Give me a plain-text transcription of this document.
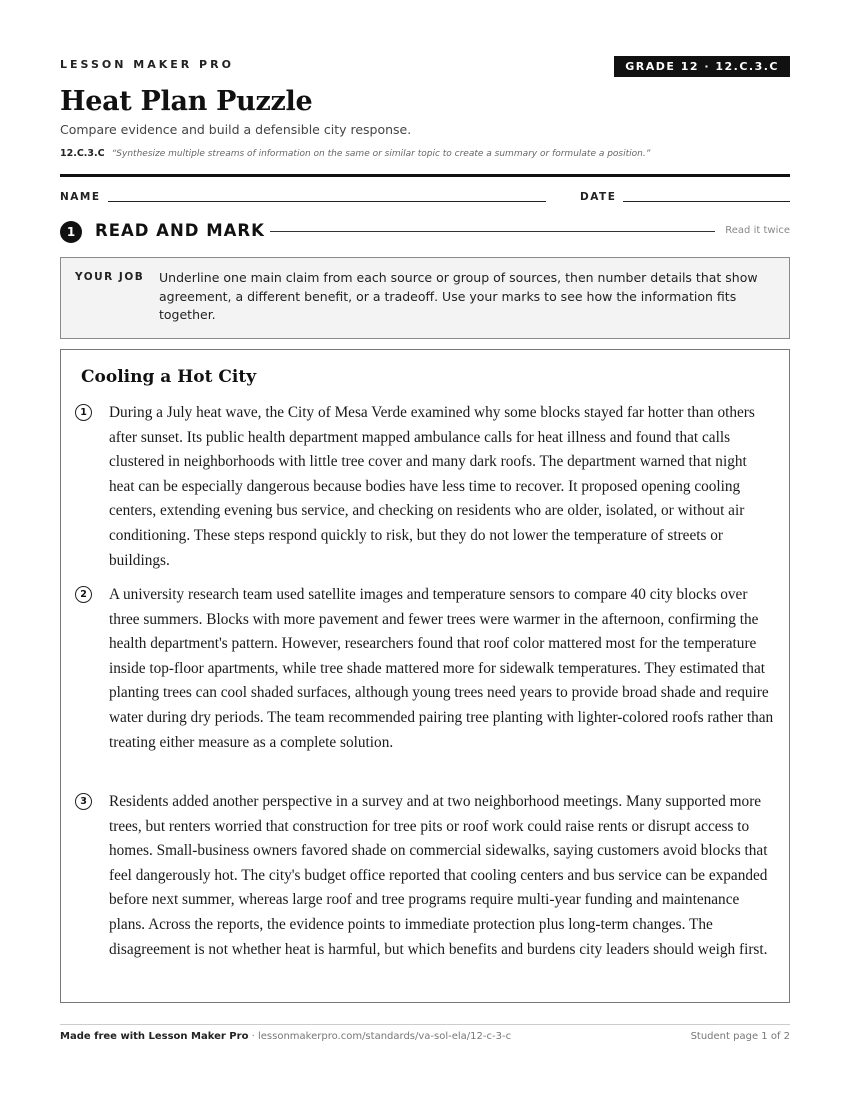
LESSON MAKER PRO	GRADE 12 · 12.C.3.C
Heat Plan Puzzle
Compare evidence and build a defensible city response.
12.C.3.C “Synthesize multiple streams of information on the same or similar topic to create a summary or formulate a position.”
NAME	DATE
1	READ AND MARK	Read it twice
YOUR JOB Underline one main claim from each source or group of sources, then number details that show agreement, a different benefit, or a tradeoff. Use your marks to see how the information fits together.
Cooling a Hot City
1	During a July heat wave, the City of Mesa Verde examined why some blocks stayed far hotter than others after sunset. Its public health department mapped ambulance calls for heat illness and found that calls clustered in neighborhoods with little tree cover and many dark roofs. The department warned that night heat can be especially dangerous because bodies have less time to recover. It proposed opening cooling centers, extending evening bus service, and checking on residents who are older, isolated, or without air conditioning. These steps respond quickly to risk, but they do not lower the temperature of streets or buildings.
2	A university research team used satellite images and temperature sensors to compare 40 city blocks over three summers. Blocks with more pavement and fewer trees were warmer in the afternoon, confirming the health department's pattern. However, researchers found that roof color mattered most for the temperature inside top-floor apartments, while tree shade mattered more for sidewalk temperatures. They estimated that planting trees can cool shaded surfaces, although young trees need years to provide broad shade and require water during dry periods. The team recommended pairing tree planting with lighter-colored roofs rather than treating either measure as a complete solution.
3	Residents added another perspective in a survey and at two neighborhood meetings. Many supported more trees, but renters worried that construction for tree pits or roof work could raise rents or disrupt access to homes. Small-business owners favored shade on commercial sidewalks, saying customers avoid blocks that feel dangerously hot. The city's budget office reported that cooling centers and bus service can be expanded before next summer, whereas large roof and tree programs require multi-year funding and maintenance plans. Across the reports, the evidence points to immediate protection plus long-term changes. The disagreement is not whether heat is harmful, but which benefits and burdens city leaders should weigh first.
Made free with Lesson Maker Pro · lessonmakerpro.com/standards/va-sol-ela/12-c-3-c	Student page 1 of 2
